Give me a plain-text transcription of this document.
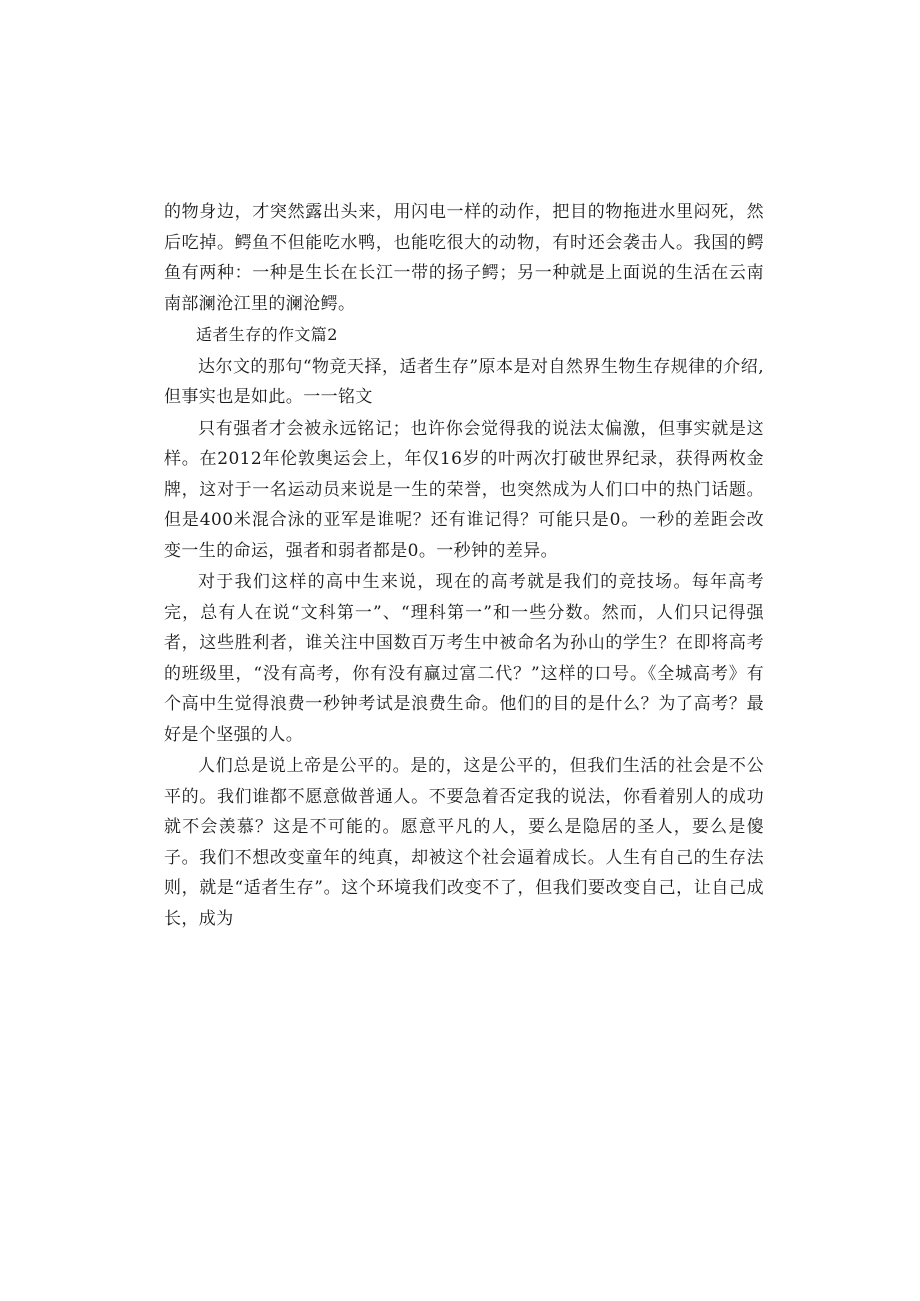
的物身边，才突然露出头来，用闪电一样的动作，把目的物拖进水里闷死，然后吃掉。鳄鱼不但能吃水鸭，也能吃很大的动物，有时还会袭击人。我国的鳄鱼有两种：一种是生长在长江一带的扬子鳄；另一种就是上面说的生活在云南南部澜沧江里的澜沧鳄。

适者生存的作文篇2

达尔文的那句“物竞天择，适者生存”原本是对自然界生物生存规律的介绍,但事实也是如此。一一铭文

只有强者才会被永远铭记；也许你会觉得我的说法太偏激，但事实就是这样。在2012年伦敦奥运会上，年仅16岁的叶两次打破世界纪录，获得两枚金牌，这对于一名运动员来说是一生的荣誉，也突然成为人们口中的热门话题。但是400米混合泳的亚军是谁呢？还有谁记得？可能只是0。一秒的差距会改变一生的命运，强者和弱者都是0。一秒钟的差异。

对于我们这样的高中生来说，现在的高考就是我们的竞技场。每年高考完，总有人在说“文科第一”、“理科第一”和一些分数。然而，人们只记得强者，这些胜利者，谁关注中国数百万考生中被命名为孙山的学生？在即将高考的班级里，“没有高考，你有没有赢过富二代？”这样的口号。《全城高考》有个高中生觉得浪费一秒钟考试是浪费生命。他们的目的是什么？为了高考？最好是个坚强的人。

人们总是说上帝是公平的。是的，这是公平的，但我们生活的社会是不公平的。我们谁都不愿意做普通人。不要急着否定我的说法，你看着别人的成功就不会羡慕？这是不可能的。愿意平凡的人，要么是隐居的圣人，要么是傻子。我们不想改变童年的纯真，却被这个社会逼着成长。人生有自己的生存法则，就是“适者生存”。这个环境我们改变不了，但我们要改变自己，让自己成长，成为
